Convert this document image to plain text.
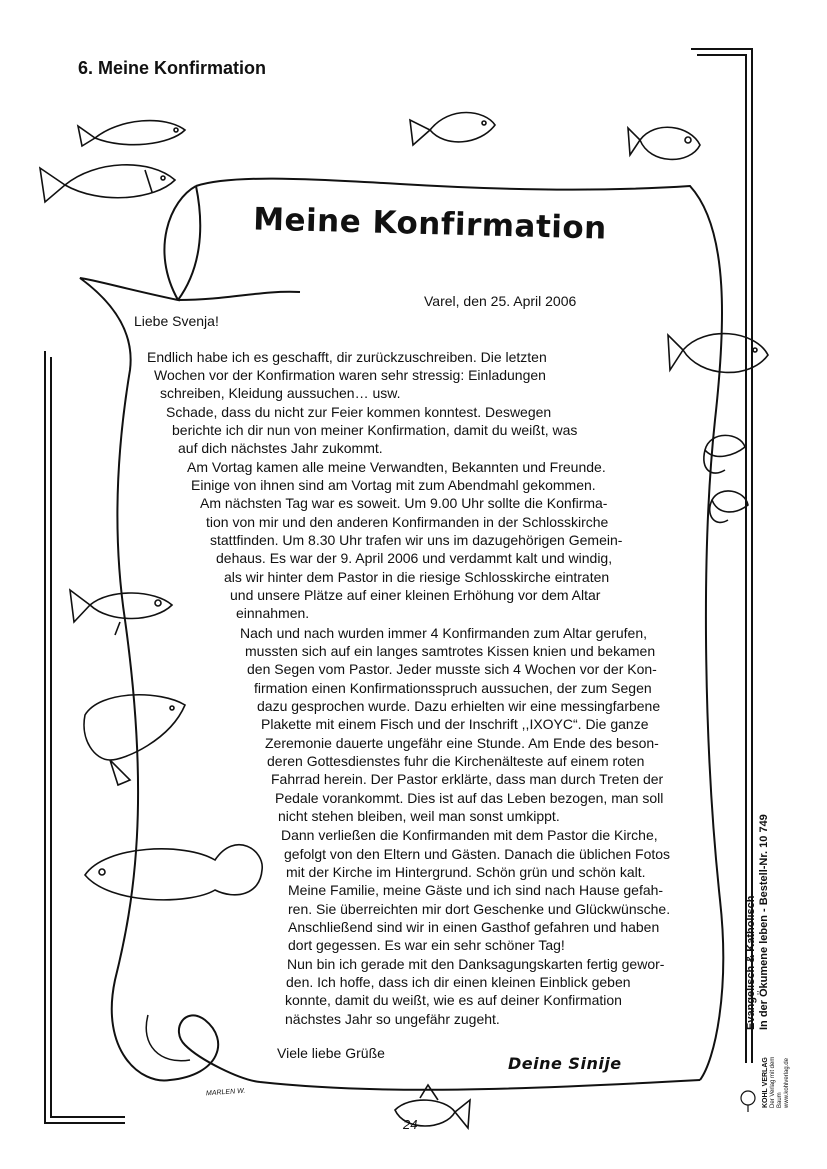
6. Meine Konfirmation
Meine Konfirmation
Varel, den 25. April 2006
Liebe Svenja!
Endlich habe ich es geschafft, dir zurückzuschreiben. Die letzten
Wochen vor der Konfirmation waren sehr stressig: Einladungen
schreiben, Kleidung aussuchen… usw.
Schade, dass du nicht zur Feier kommen konntest. Deswegen
berichte ich dir nun von meiner Konfirmation, damit du weißt, was
auf dich nächstes Jahr zukommt.
Am Vortag kamen alle meine Verwandten, Bekannten und Freunde.
Einige von ihnen sind am Vortag mit zum Abendmahl gekommen.
Am nächsten Tag war es soweit. Um 9.00 Uhr sollte die Konfirma-
tion von mir und den anderen Konfirmanden in der Schlosskirche
stattfinden. Um 8.30 Uhr trafen wir uns im dazugehörigen Gemein-
dehaus. Es war der 9. April 2006 und verdammt kalt und windig,
als wir hinter dem Pastor in die riesige Schlosskirche eintraten
und unsere Plätze auf einer kleinen Erhöhung vor dem Altar
einnahmen.
Nach und nach wurden immer 4 Konfirmanden zum Altar gerufen,
mussten sich auf ein langes samtrotes Kissen knien und bekamen
den Segen vom Pastor. Jeder musste sich 4 Wochen vor der Kon-
firmation einen Konfirmationsspruch aussuchen, der zum Segen
dazu gesprochen wurde. Dazu erhielten wir eine messingfarbene
Plakette mit einem Fisch und der Inschrift ,,IXOYC“. Die ganze
Zeremonie dauerte ungefähr eine Stunde. Am Ende des beson-
deren Gottesdienstes fuhr die Kirchenälteste auf einem roten
Fahrrad herein. Der Pastor erklärte, dass man durch Treten der
Pedale vorankommt. Dies ist auf das Leben bezogen, man soll
nicht stehen bleiben, weil man sonst umkippt.
Dann verließen die Konfirmanden mit dem Pastor die Kirche,
gefolgt von den Eltern und Gästen. Danach die üblichen Fotos
mit der Kirche im Hintergrund. Schön grün und schön kalt.
Meine Familie, meine Gäste und ich sind nach Hause gefah-
ren. Sie überreichten mir dort Geschenke und Glückwünsche.
Anschließend sind wir in einen Gasthof gefahren und haben
dort gegessen. Es war ein sehr schöner Tag!
Nun bin ich gerade mit den Danksagungskarten fertig gewor-
den. Ich hoffe, dass ich dir einen kleinen Einblick geben
konnte, damit du weißt, wie es auf deiner Konfirmation
nächstes Jahr so ungefähr zugeht.
Viele liebe Grüße
Deine Sinije
MARLEN W.
24
Evangelisch & Katholisch In der Ökumene leben - Bestell-Nr. 10 749
KOHL VERLAG
Der Verlag mit dem Baum
www.kohlverlag.de
